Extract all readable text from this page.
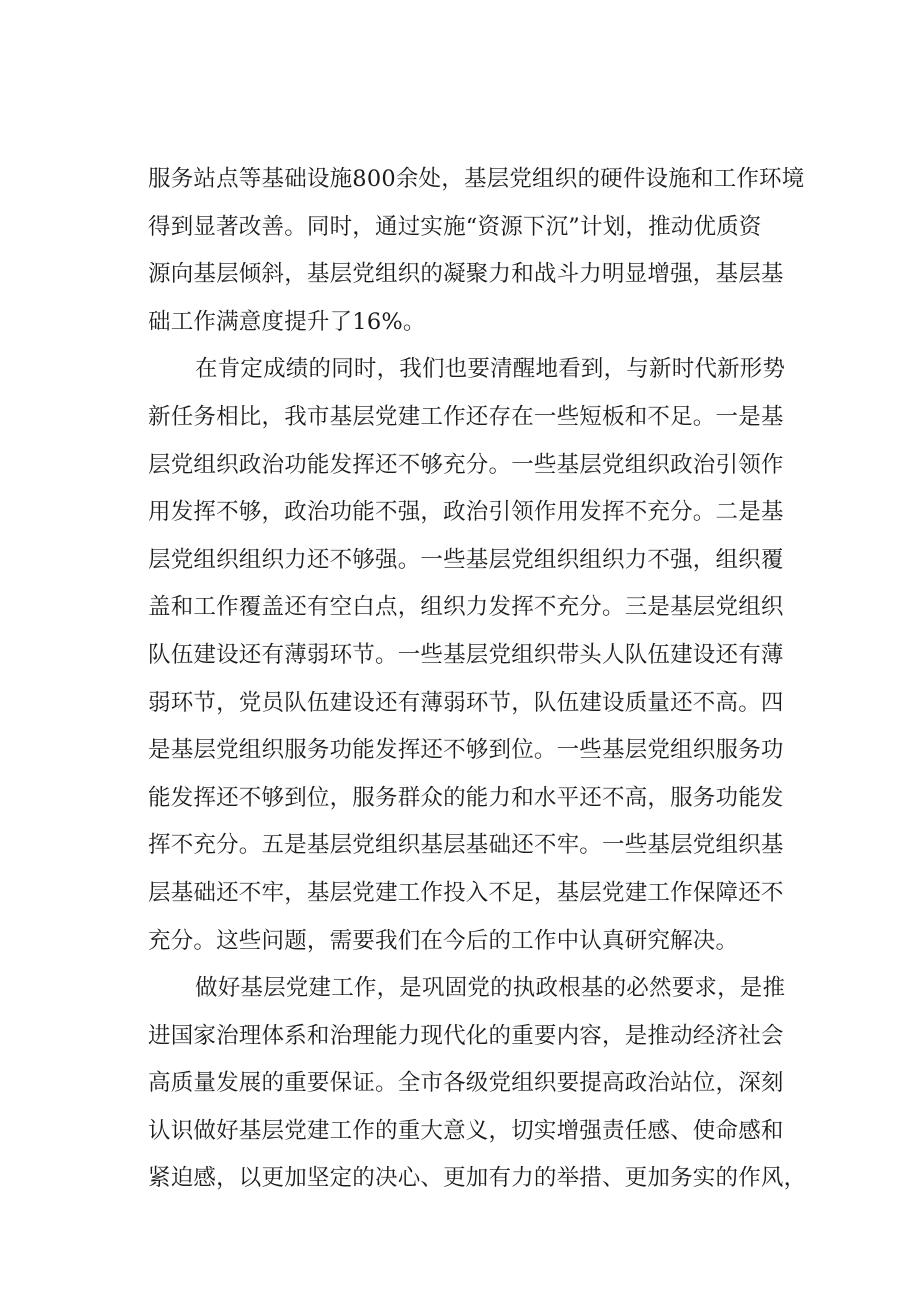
服务站点等基础设施800余处，基层党组织的硬件设施和工作环境
得到显著改善。同时，通过实施“资源下沉”计划，推动优质资
源向基层倾斜，基层党组织的凝聚力和战斗力明显增强，基层基
础工作满意度提升了16%。
在肯定成绩的同时，我们也要清醒地看到，与新时代新形势
新任务相比，我市基层党建工作还存在一些短板和不足。一是基
层党组织政治功能发挥还不够充分。一些基层党组织政治引领作
用发挥不够，政治功能不强，政治引领作用发挥不充分。二是基
层党组织组织力还不够强。一些基层党组织组织力不强，组织覆
盖和工作覆盖还有空白点，组织力发挥不充分。三是基层党组织
队伍建设还有薄弱环节。一些基层党组织带头人队伍建设还有薄
弱环节，党员队伍建设还有薄弱环节，队伍建设质量还不高。四
是基层党组织服务功能发挥还不够到位。一些基层党组织服务功
能发挥还不够到位，服务群众的能力和水平还不高，服务功能发
挥不充分。五是基层党组织基层基础还不牢。一些基层党组织基
层基础还不牢，基层党建工作投入不足，基层党建工作保障还不
充分。这些问题，需要我们在今后的工作中认真研究解决。
做好基层党建工作，是巩固党的执政根基的必然要求，是推
进国家治理体系和治理能力现代化的重要内容，是推动经济社会
高质量发展的重要保证。全市各级党组织要提高政治站位，深刻
认识做好基层党建工作的重大意义，切实增强责任感、使命感和
紧迫感，以更加坚定的决心、更加有力的举措、更加务实的作风，
